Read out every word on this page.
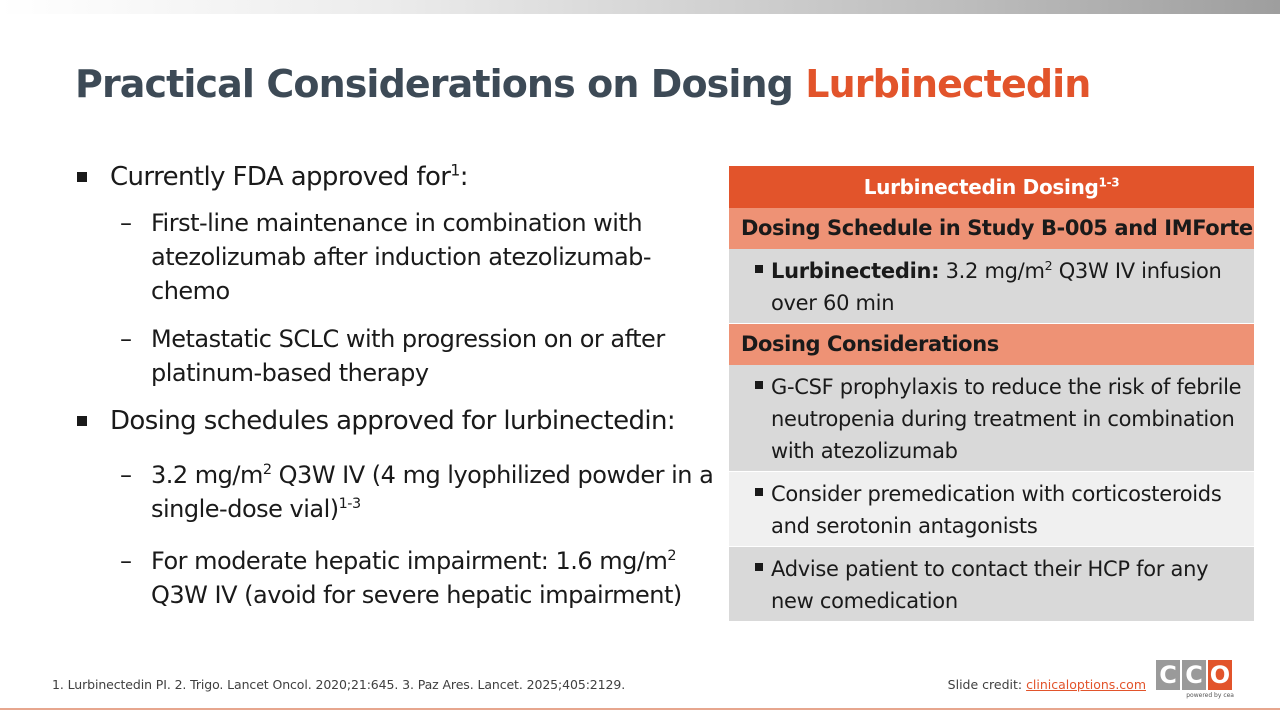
Practical Considerations on Dosing Lurbinectedin
Currently FDA approved for$^1$:
– First-line maintenance in combination with atezolizumab after induction atezolizumab-chemo
– Metastatic SCLC with progression on or after platinum-based therapy
Dosing schedules approved for lurbinectedin:
– 3.2 $mg/m^2$ Q3W IV (4 mg lyophilized powder in a single-dose vial)$^{1-3}$
– For moderate hepatic impairment: 1.6 $mg/m^2$ Q3W IV (avoid for severe hepatic impairment)
Lurbinectedin Dosing$^{1-3}$
Dosing Schedule in Study B-005 and IMForte
Lurbinectedin: 3.2 $mg/m^2$ Q3W IV infusion over 60 min
Dosing Considerations
G-CSF prophylaxis to reduce the risk of febrile neutropenia during treatment in combination with atezolizumab
Consider premedication with corticosteroids and serotonin antagonists
Advise patient to contact their HCP for any new comedication
1. Lurbinectedin PI. 2. Trigo. Lancet Oncol. 2020;21:645. 3. Paz Ares. Lancet. 2025;405:2129.	Slide credit: clinicaloptions.com C C O
powered by cea
